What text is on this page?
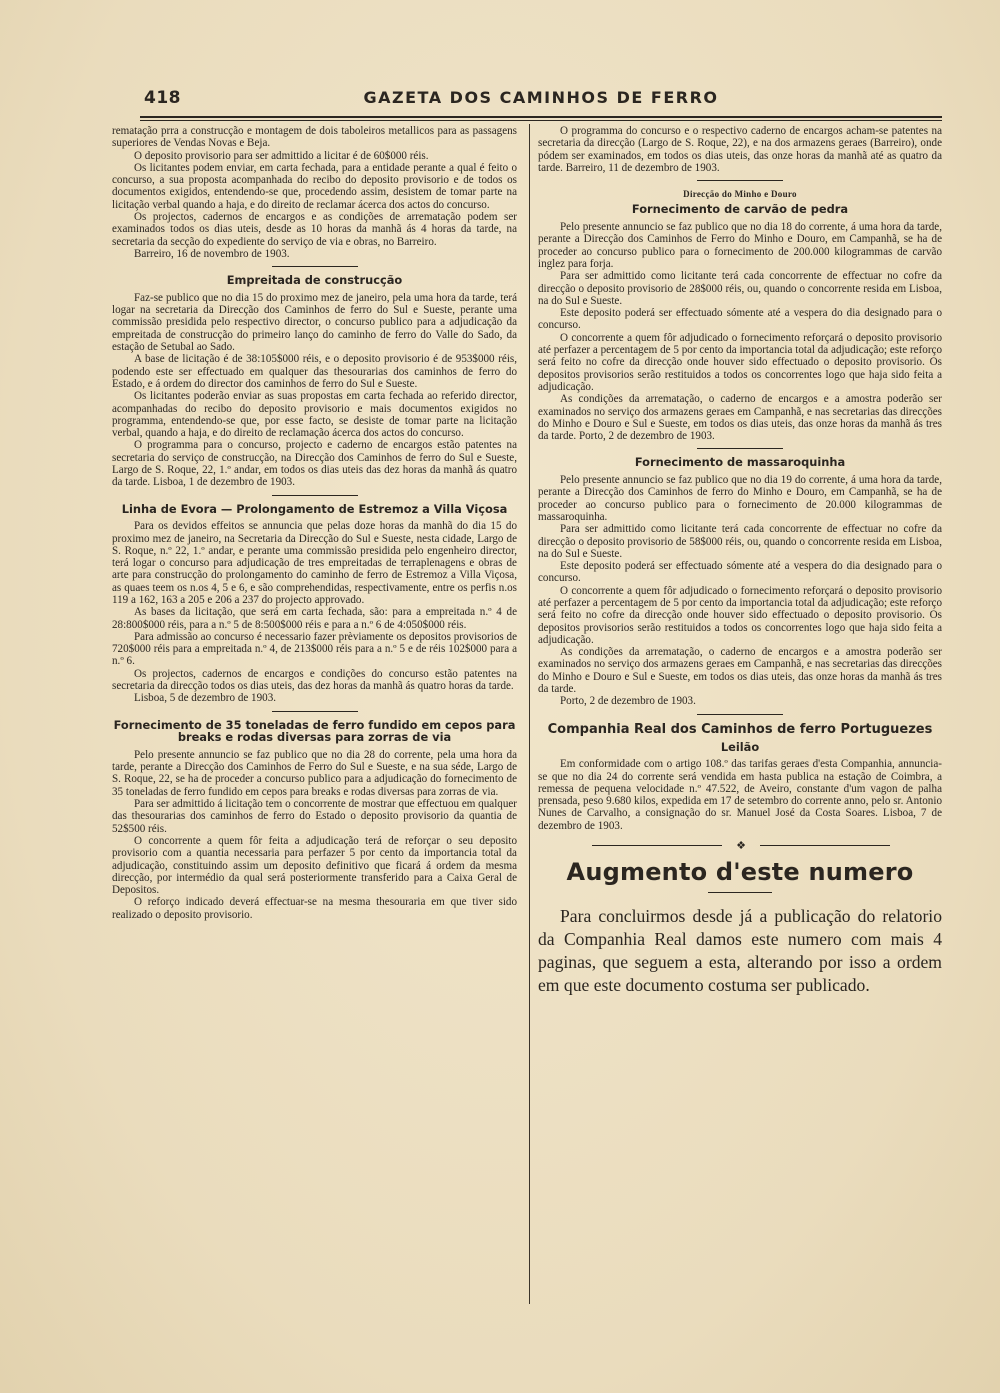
418	GAZETA DOS CAMINHOS DE FERRO

rematação prra a construcção e montagem de dois taboleiros metallicos para as passagens superiores de Vendas Novas e Beja.

O deposito provisorio para ser admittido a licitar é de 60$000 réis.

Os licitantes podem enviar, em carta fechada, para a entidade perante a qual é feito o concurso, a sua proposta acompanhada do recibo do deposito provisorio e de todos os documentos exigidos, entendendo-se que, procedendo assim, desistem de tomar parte na licitação verbal quando a haja, e do direito de reclamar ácerca dos actos do concurso.

Os projectos, cadernos de encargos e as condições de arrematação podem ser examinados todos os dias uteis, desde as 10 horas da manhã ás 4 horas da tarde, na secretaria da secção do expediente do serviço de via e obras, no Barreiro.

Barreiro, 16 de novembro de 1903.

Empreitada de construcção

Faz-se publico que no dia 15 do proximo mez de janeiro, pela uma hora da tarde, terá logar na secretaria da Direcção dos Caminhos de ferro do Sul e Sueste, perante uma commissão presidida pelo respectivo director, o concurso publico para a adjudicação da empreitada de construcção do primeiro lanço do caminho de ferro do Valle do Sado, da estação de Setubal ao Sado.

A base de licitação é de 38:105$000 réis, e o deposito provisorio é de 953$000 réis, podendo este ser effectuado em qualquer das thesourarias dos caminhos de ferro do Estado, e á ordem do director dos caminhos de ferro do Sul e Sueste.

Os licitantes poderão enviar as suas propostas em carta fechada ao referido director, acompanhadas do recibo do deposito provisorio e mais documentos exigidos no programma, entendendo-se que, por esse facto, se desiste de tomar parte na licitação verbal, quando a haja, e do direito de reclamação ácerca dos actos do concurso.

O programma para o concurso, projecto e caderno de encargos estão patentes na secretaria do serviço de construcção, na Direcção dos Caminhos de ferro do Sul e Sueste, Largo de S. Roque, 22, 1.º andar, em todos os dias uteis das dez horas da manhã ás quatro da tarde. Lisboa, 1 de dezembro de 1903.

Linha de Evora — Prolongamento de Estremoz a Villa Viçosa

Para os devidos effeitos se annuncia que pelas doze horas da manhã do dia 15 do proximo mez de janeiro, na Secretaria da Direcção do Sul e Sueste, nesta cidade, Largo de S. Roque, n.º 22, 1.º andar, e perante uma commissão presidida pelo engenheiro director, terá logar o concurso para adjudicação de tres empreitadas de terraplenagens e obras de arte para construcção do prolongamento do caminho de ferro de Estremoz a Villa Viçosa, as quaes teem os n.os 4, 5 e 6, e são comprehendidas, respectivamente, entre os perfis n.os 119 a 162, 163 a 205 e 206 a 237 do projecto approvado.

As bases da licitação, que será em carta fechada, são: para a empreitada n.º 4 de 28:800$000 réis, para a n.º 5 de 8:500$000 réis e para a n.º 6 de 4:050$000 réis.

Para admissão ao concurso é necessario fazer prèviamente os depositos provisorios de 720$000 réis para a empreitada n.º 4, de 213$000 réis para a n.º 5 e de réis 102$000 para a n.º 6.

Os projectos, cadernos de encargos e condições do concurso estão patentes na secretaria da direcção todos os dias uteis, das dez horas da manhã ás quatro horas da tarde.

Lisboa, 5 de dezembro de 1903.

Fornecimento de 35 toneladas de ferro fundido em cepos para breaks e rodas diversas para zorras de via

Pelo presente annuncio se faz publico que no dia 28 do corrente, pela uma hora da tarde, perante a Direcção dos Caminhos de Ferro do Sul e Sueste, e na sua séde, Largo de S. Roque, 22, se ha de proceder a concurso publico para a adjudicação do fornecimento de 35 toneladas de ferro fundido em cepos para breaks e rodas diversas para zorras de via.

Para ser admittido á licitação tem o concorrente de mostrar que effectuou em qualquer das thesourarias dos caminhos de ferro do Estado o deposito provisorio da quantia de 52$500 réis.

O concorrente a quem fôr feita a adjudicação terá de reforçar o seu deposito provisorio com a quantia necessaria para perfazer 5 por cento da importancia total da adjudicação, constituindo assim um deposito definitivo que ficará á ordem da mesma direcção, por intermédio da qual será posteriormente transferido para a Caixa Geral de Depositos.

O reforço indicado deverá effectuar-se na mesma thesouraria em que tiver sido realizado o deposito provisorio.

O programma do concurso e o respectivo caderno de encargos acham-se patentes na secretaria da direcção (Largo de S. Roque, 22), e na dos armazens geraes (Barreiro), onde pódem ser examinados, em todos os dias uteis, das onze horas da manhã até as quatro da tarde. Barreiro, 11 de dezembro de 1903.

Direcção do Minho e Douro
Fornecimento de carvão de pedra

Pelo presente annuncio se faz publico que no dia 18 do corrente, á uma hora da tarde, perante a Direcção dos Caminhos de Ferro do Minho e Douro, em Campanhã, se ha de proceder ao concurso publico para o fornecimento de 200.000 kilogrammas de carvão inglez para forja.

Para ser admittido como licitante terá cada concorrente de effectuar no cofre da direcção o deposito provisorio de 28$000 réis, ou, quando o concorrente resida em Lisboa, na do Sul e Sueste.

Este deposito poderá ser effectuado sómente até a vespera do dia designado para o concurso.

O concorrente a quem fôr adjudicado o fornecimento reforçará o deposito provisorio até perfazer a percentagem de 5 por cento da importancia total da adjudicação; este reforço será feito no cofre da direcção onde houver sido effectuado o deposito provisorio. Os depositos provisorios serão restituidos a todos os concorrentes logo que haja sido feita a adjudicação.

As condições da arrematação, o caderno de encargos e a amostra poderão ser examinados no serviço dos armazens geraes em Campanhã, e nas secretarias das direcções do Minho e Douro e Sul e Sueste, em todos os dias uteis, das onze horas da manhã ás tres da tarde. Porto, 2 de dezembro de 1903.

Fornecimento de massaroquinha

Pelo presente annuncio se faz publico que no dia 19 do corrente, á uma hora da tarde, perante a Direcção dos Caminhos de ferro do Minho e Douro, em Campanhã, se ha de proceder ao concurso publico para o fornecimento de 20.000 kilogrammas de massaroquinha.

Para ser admittido como licitante terá cada concorrente de effectuar no cofre da direcção o deposito provisorio de 58$000 réis, ou, quando o concorrente resida em Lisboa, na do Sul e Sueste.

Este deposito poderá ser effectuado sómente até a vespera do dia designado para o concurso.

O concorrente a quem fôr adjudicado o fornecimento reforçará o deposito provisorio até perfazer a percentagem de 5 por cento da importancia total da adjudicação; este reforço será feito no cofre da direcção onde houver sido effectuado o deposito provisorio. Os depositos provisorios serão restituidos a todos os concorrentes logo que haja sido feita a adjudicação.

As condições da arrematação, o caderno de encargos e a amostra poderão ser examinados no serviço dos armazens geraes em Campanhã, e nas secretarias das direcções do Minho e Douro e Sul e Sueste, em todos os dias uteis, das onze horas da manhã ás tres da tarde.

Porto, 2 de dezembro de 1903.

Companhia Real dos Caminhos de ferro Portuguezes
Leilão

Em conformidade com o artigo 108.º das tarifas geraes d'esta Companhia, annuncia-se que no dia 24 do corrente será vendida em hasta publica na estação de Coimbra, a remessa de pequena velocidade n.º 47.522, de Aveiro, constante d'um vagon de palha prensada, peso 9.680 kilos, expedida em 17 de setembro do corrente anno, pelo sr. Antonio Nunes de Carvalho, a consignação do sr. Manuel José da Costa Soares. Lisboa, 7 de dezembro de 1903.

❖
Augmento d'este numero

Para concluirmos desde já a publicação do relatorio da Companhia Real damos este numero com mais 4 paginas, que seguem a esta, alterando por isso a ordem em que este documento costuma ser publicado.
